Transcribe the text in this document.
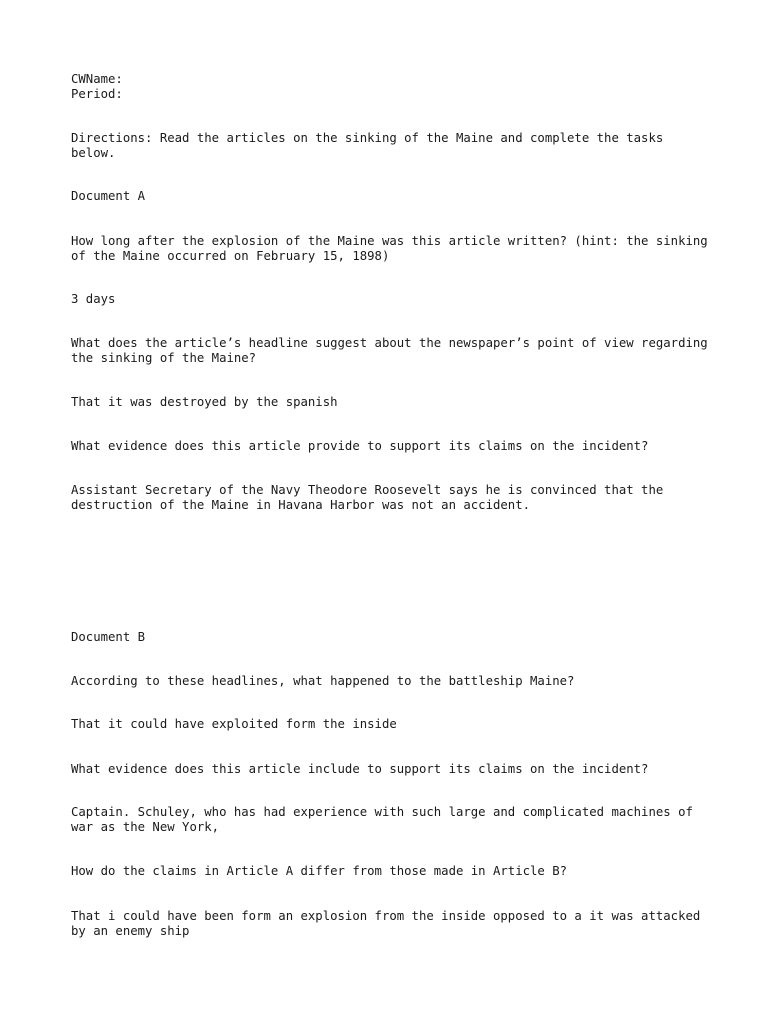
CWName:

Period:

Directions: Read the articles on the sinking of the Maine and complete the tasks below.

Document A

How long after the explosion of the Maine was this article written? (hint: the sinking of the Maine occurred on February 15, 1898)

3 days

What does the article’s headline suggest about the newspaper’s point of view regarding the sinking of the Maine?

That it was destroyed by the spanish

What evidence does this article provide to support its claims on the incident?

Assistant Secretary of the Navy Theodore Roosevelt says he is convinced that the destruction of the Maine in Havana Harbor was not an accident.

Document B

According to these headlines, what happened to the battleship Maine?

That it could have exploited form the inside

What evidence does this article include to support its claims on the incident?

Captain. Schuley, who has had experience with such large and complicated machines of war as the New York,

How do the claims in Article A differ from those made in Article B?

That i could have been form an explosion from the inside opposed to a it was attacked by an enemy ship
